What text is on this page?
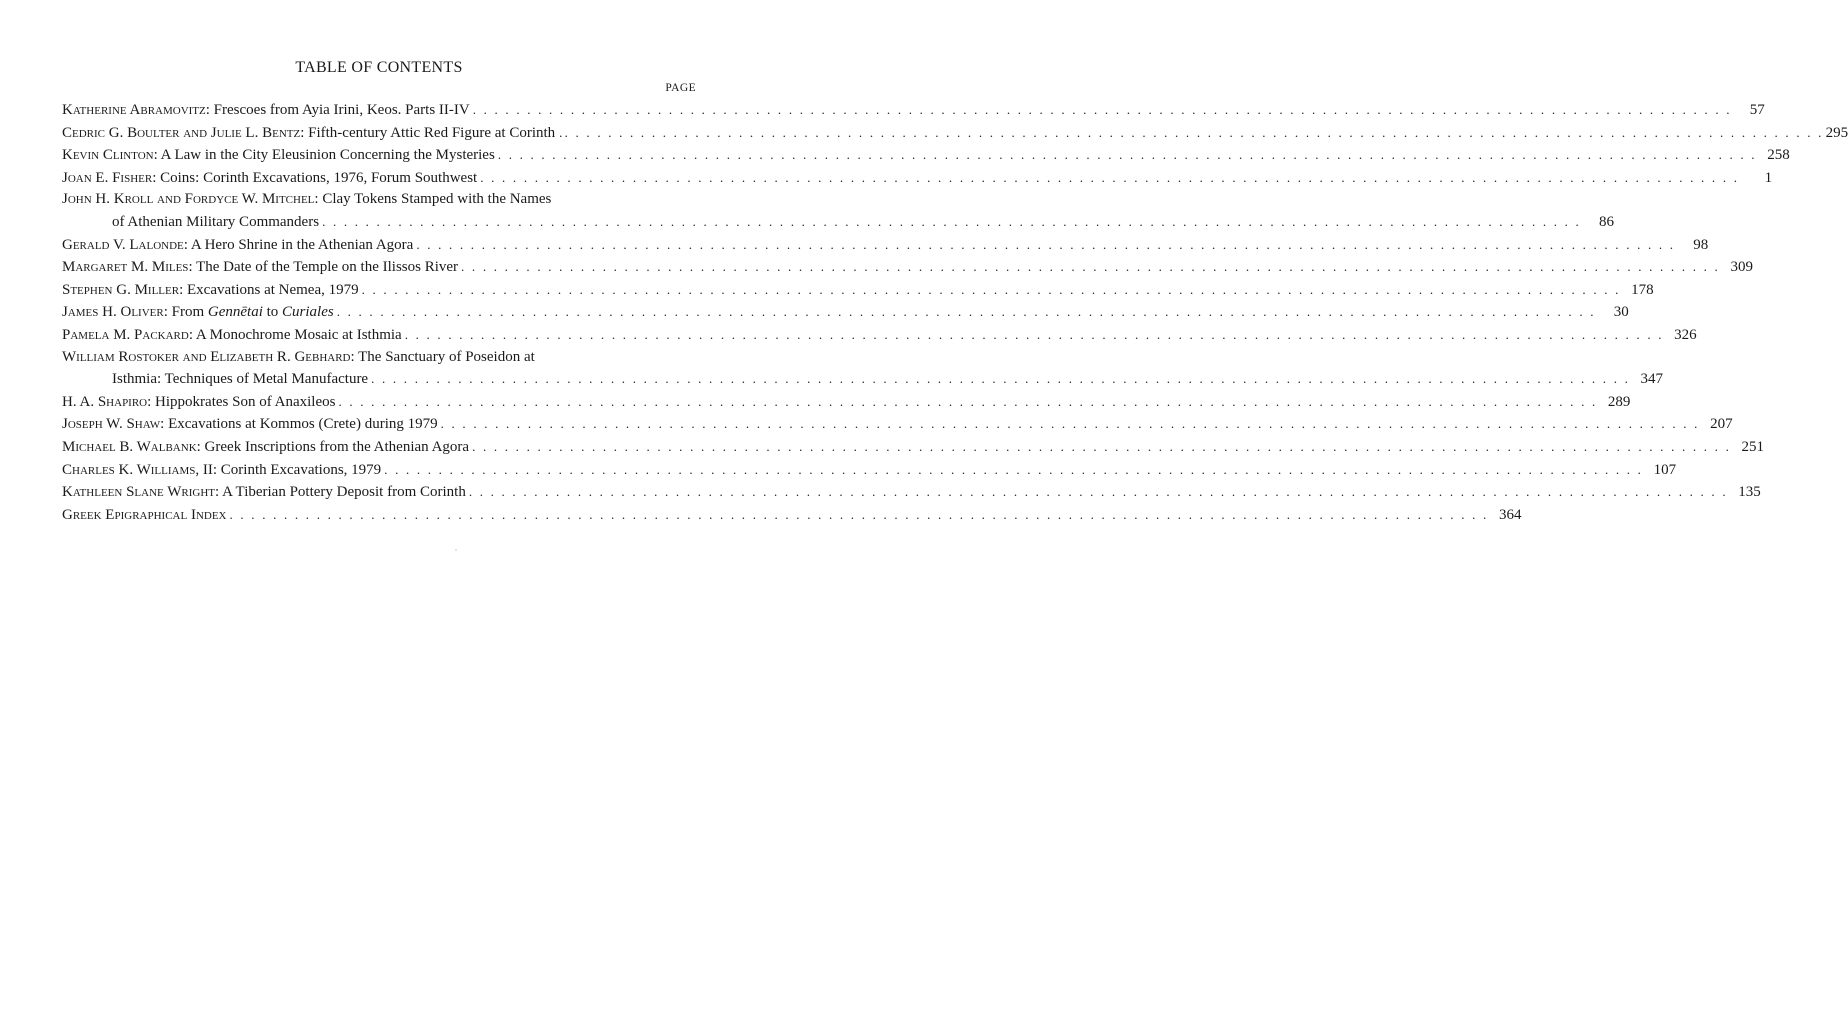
TABLE OF CONTENTS
PAGE
Katherine Abramovitz: Frescoes from Ayia Irini, Keos. Parts II-IV . . .	57
Cedric G. Boulter and Julie L. Bentz: Fifth-century Attic Red Figure at Corinth . . . .	295
Kevin Clinton: A Law in the City Eleusinion Concerning the Mysteries . . .	258
Joan E. Fisher: Coins: Corinth Excavations, 1976, Forum Southwest . . .	1
John H. Kroll and Fordyce W. Mitchel: Clay Tokens Stamped with the Names
of Athenian Military Commanders . . .	86
Gerald V. Lalonde: A Hero Shrine in the Athenian Agora . . .	98
Margaret M. Miles: The Date of the Temple on the Ilissos River . . .	309
Stephen G. Miller: Excavations at Nemea, 1979 . . .	178
James H. Oliver: From Gennētai to Curiales . . .	30
Pamela M. Packard: A Monochrome Mosaic at Isthmia . . .	326
William Rostoker and Elizabeth R. Gebhard: The Sanctuary of Poseidon at
Isthmia: Techniques of Metal Manufacture . . .	347
H. A. Shapiro: Hippokrates Son of Anaxileos . . .	289
Joseph W. Shaw: Excavations at Kommos (Crete) during 1979 . . .	207
Michael B. Walbank: Greek Inscriptions from the Athenian Agora . . .	251
Charles K. Williams, II: Corinth Excavations, 1979 . . .	107
Kathleen Slane Wright: A Tiberian Pottery Deposit from Corinth . . .	135
Greek Epigraphical Index . . .	364
